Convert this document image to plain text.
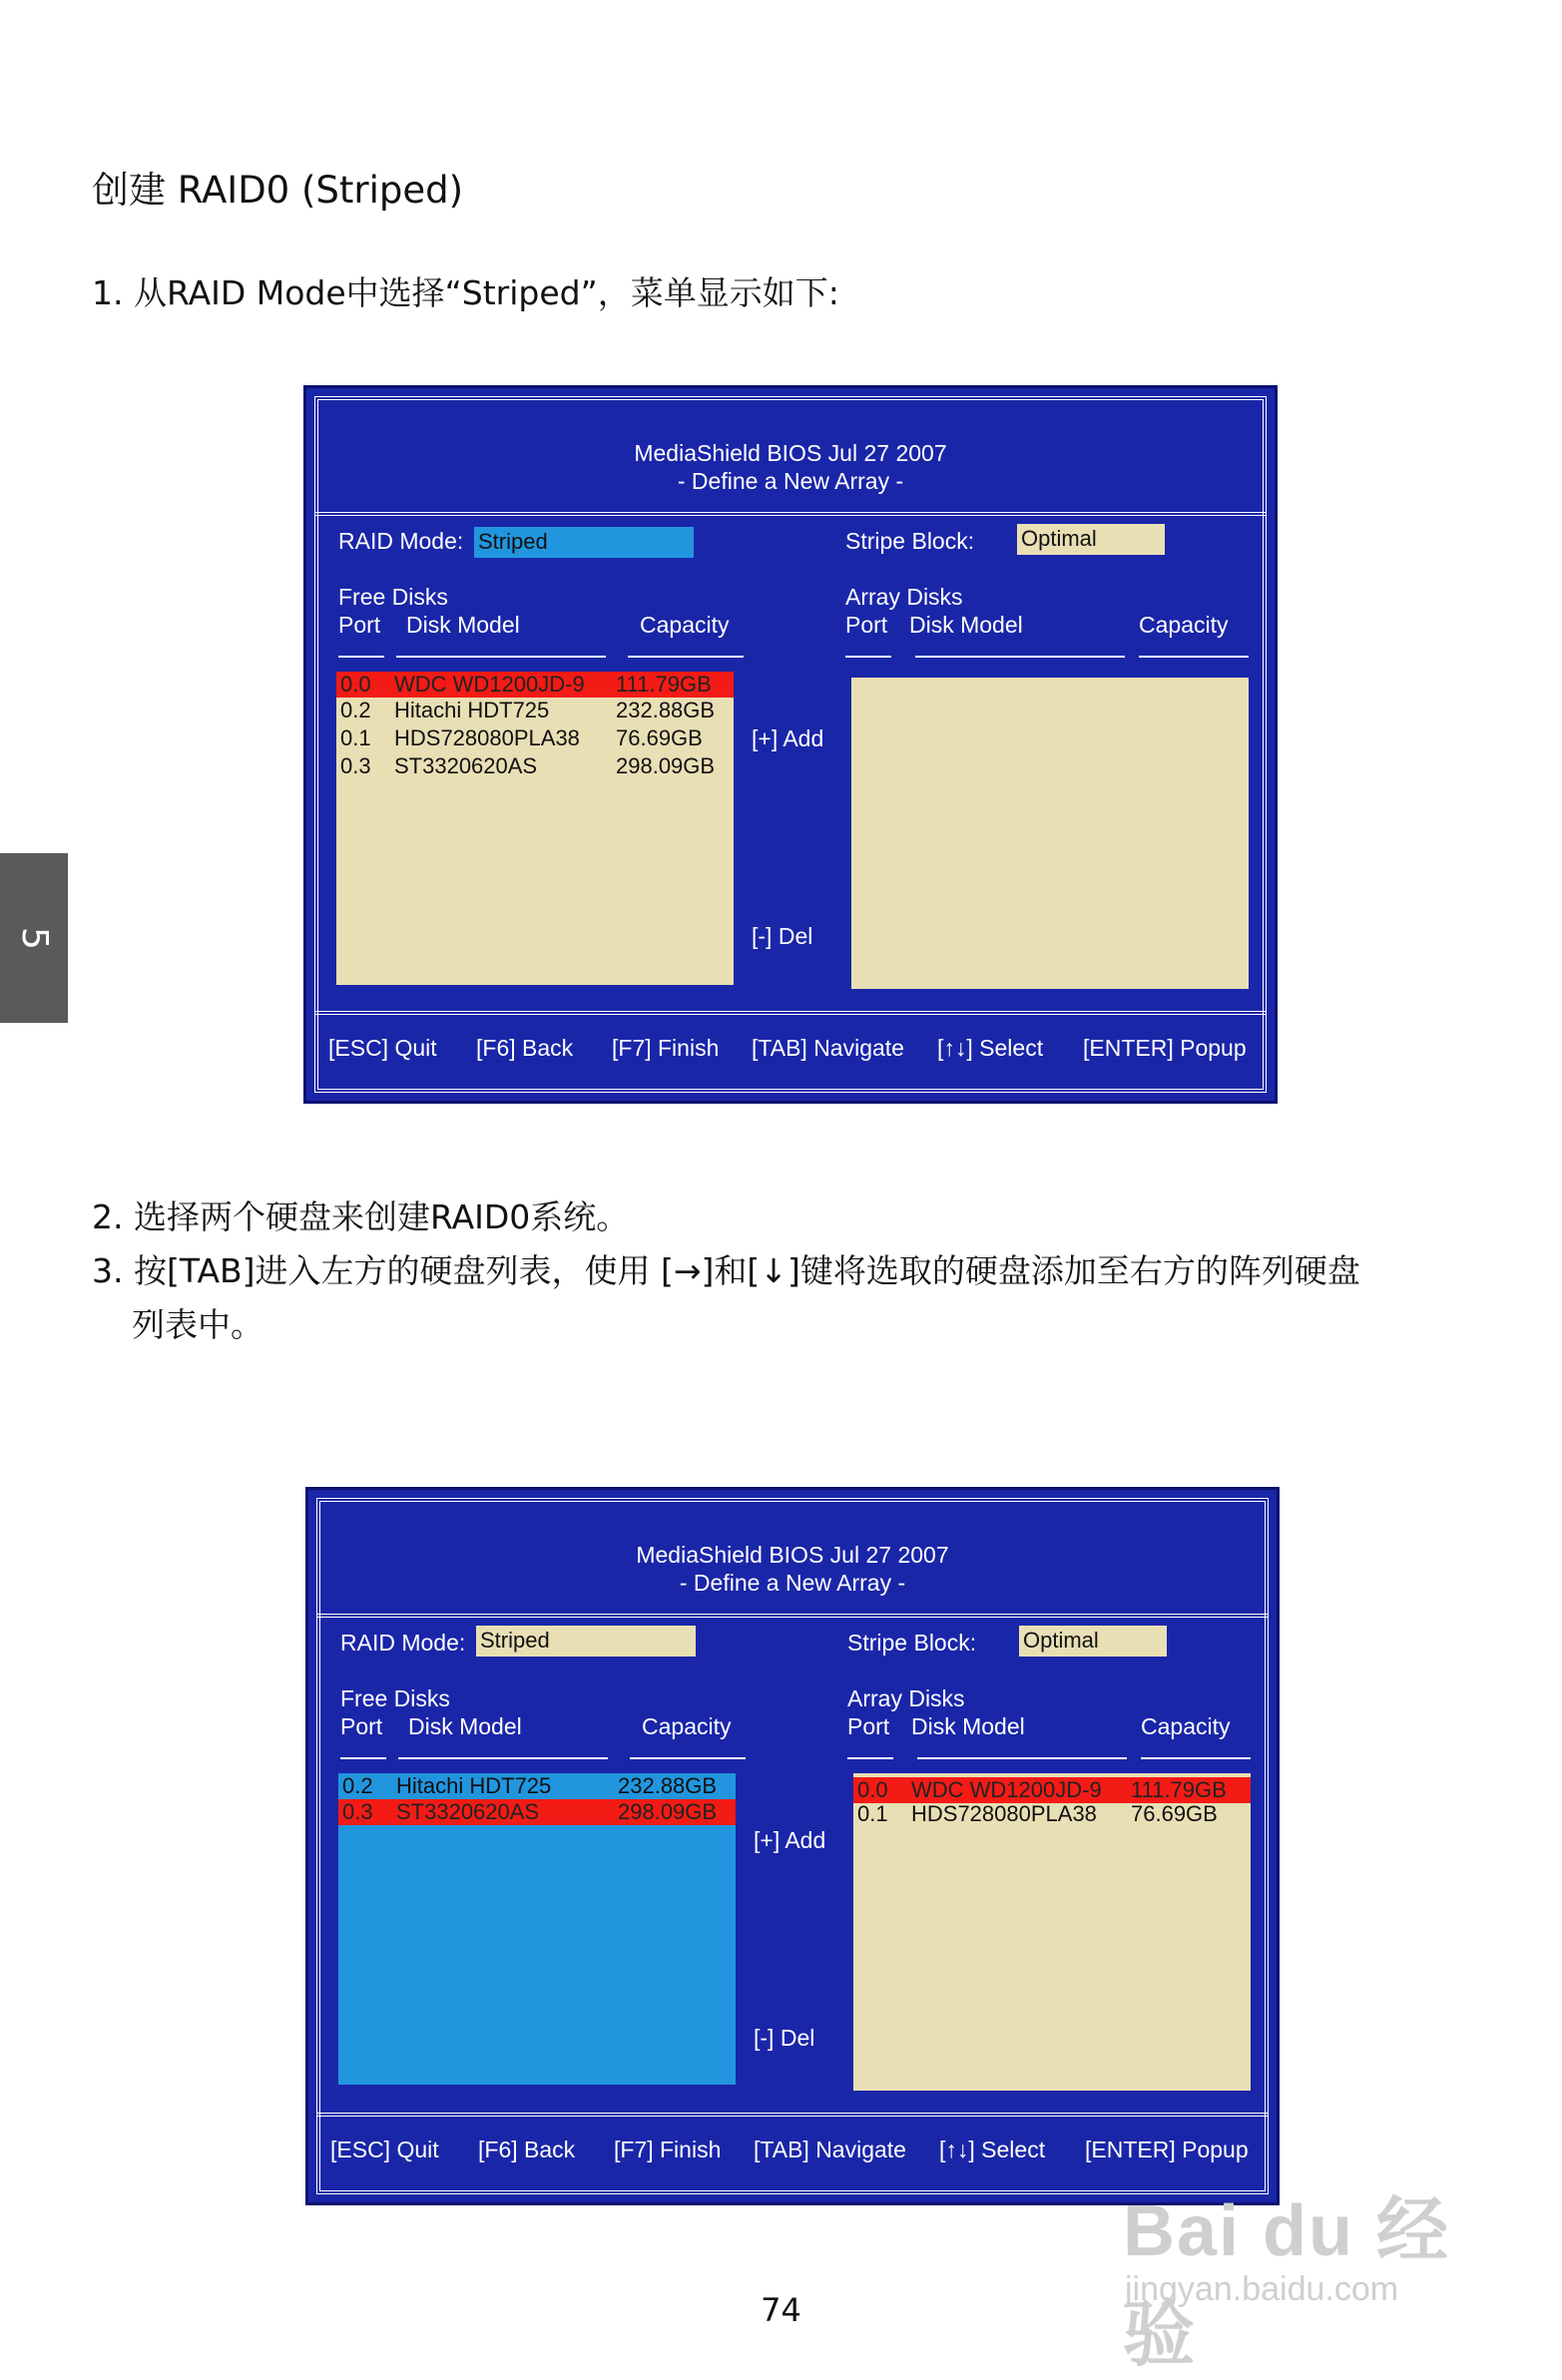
创建 RAID0 (Striped)
1. 从RAID Mode中选择“Striped”，菜单显示如下:
5
MediaShield BIOS Jul 27 2007
- Define a New Array -
RAID Mode: Striped	Stripe Block: Optimal
Free Disks
Port Disk Model	Capacity
Array Disks
Port Disk Model	Capacity
0.0 WDC WD1200JD-9 111.79GB
0.2 Hitachi HDT725	232.88GB
0.1 HDS728080PLA38 76.69GB
0.3 ST3320620AS	298.09GB
[+] Add
[-] Del
[ESC] Quit [F6] Back [F7] Finish [TAB] Navigate [↑↓] Select [ENTER] Popup
2. 选择两个硬盘来创建RAID0系统。
3. 按[TAB]进入左方的硬盘列表，使用 [→]和[↓]键将选取的硬盘添加至右方的阵列硬盘
列表中。
MediaShield BIOS Jul 27 2007
- Define a New Array -
RAID Mode: Striped	Stripe Block: Optimal
Free Disks
Port Disk Model	Capacity
Array Disks
Port Disk Model	Capacity
0.2 Hitachi HDT725	232.88GB
0.3 ST3320620AS	298.09GB
[+] Add
[-] Del
0.0 WDC WD1200JD-9 111.79GB
0.1 HDS728080PLA38 76.69GB
[ESC] Quit [F6] Back [F7] Finish [TAB] Navigate [↑↓] Select [ENTER] Popup
Bai du 经验
jingyan.baidu.com
74
